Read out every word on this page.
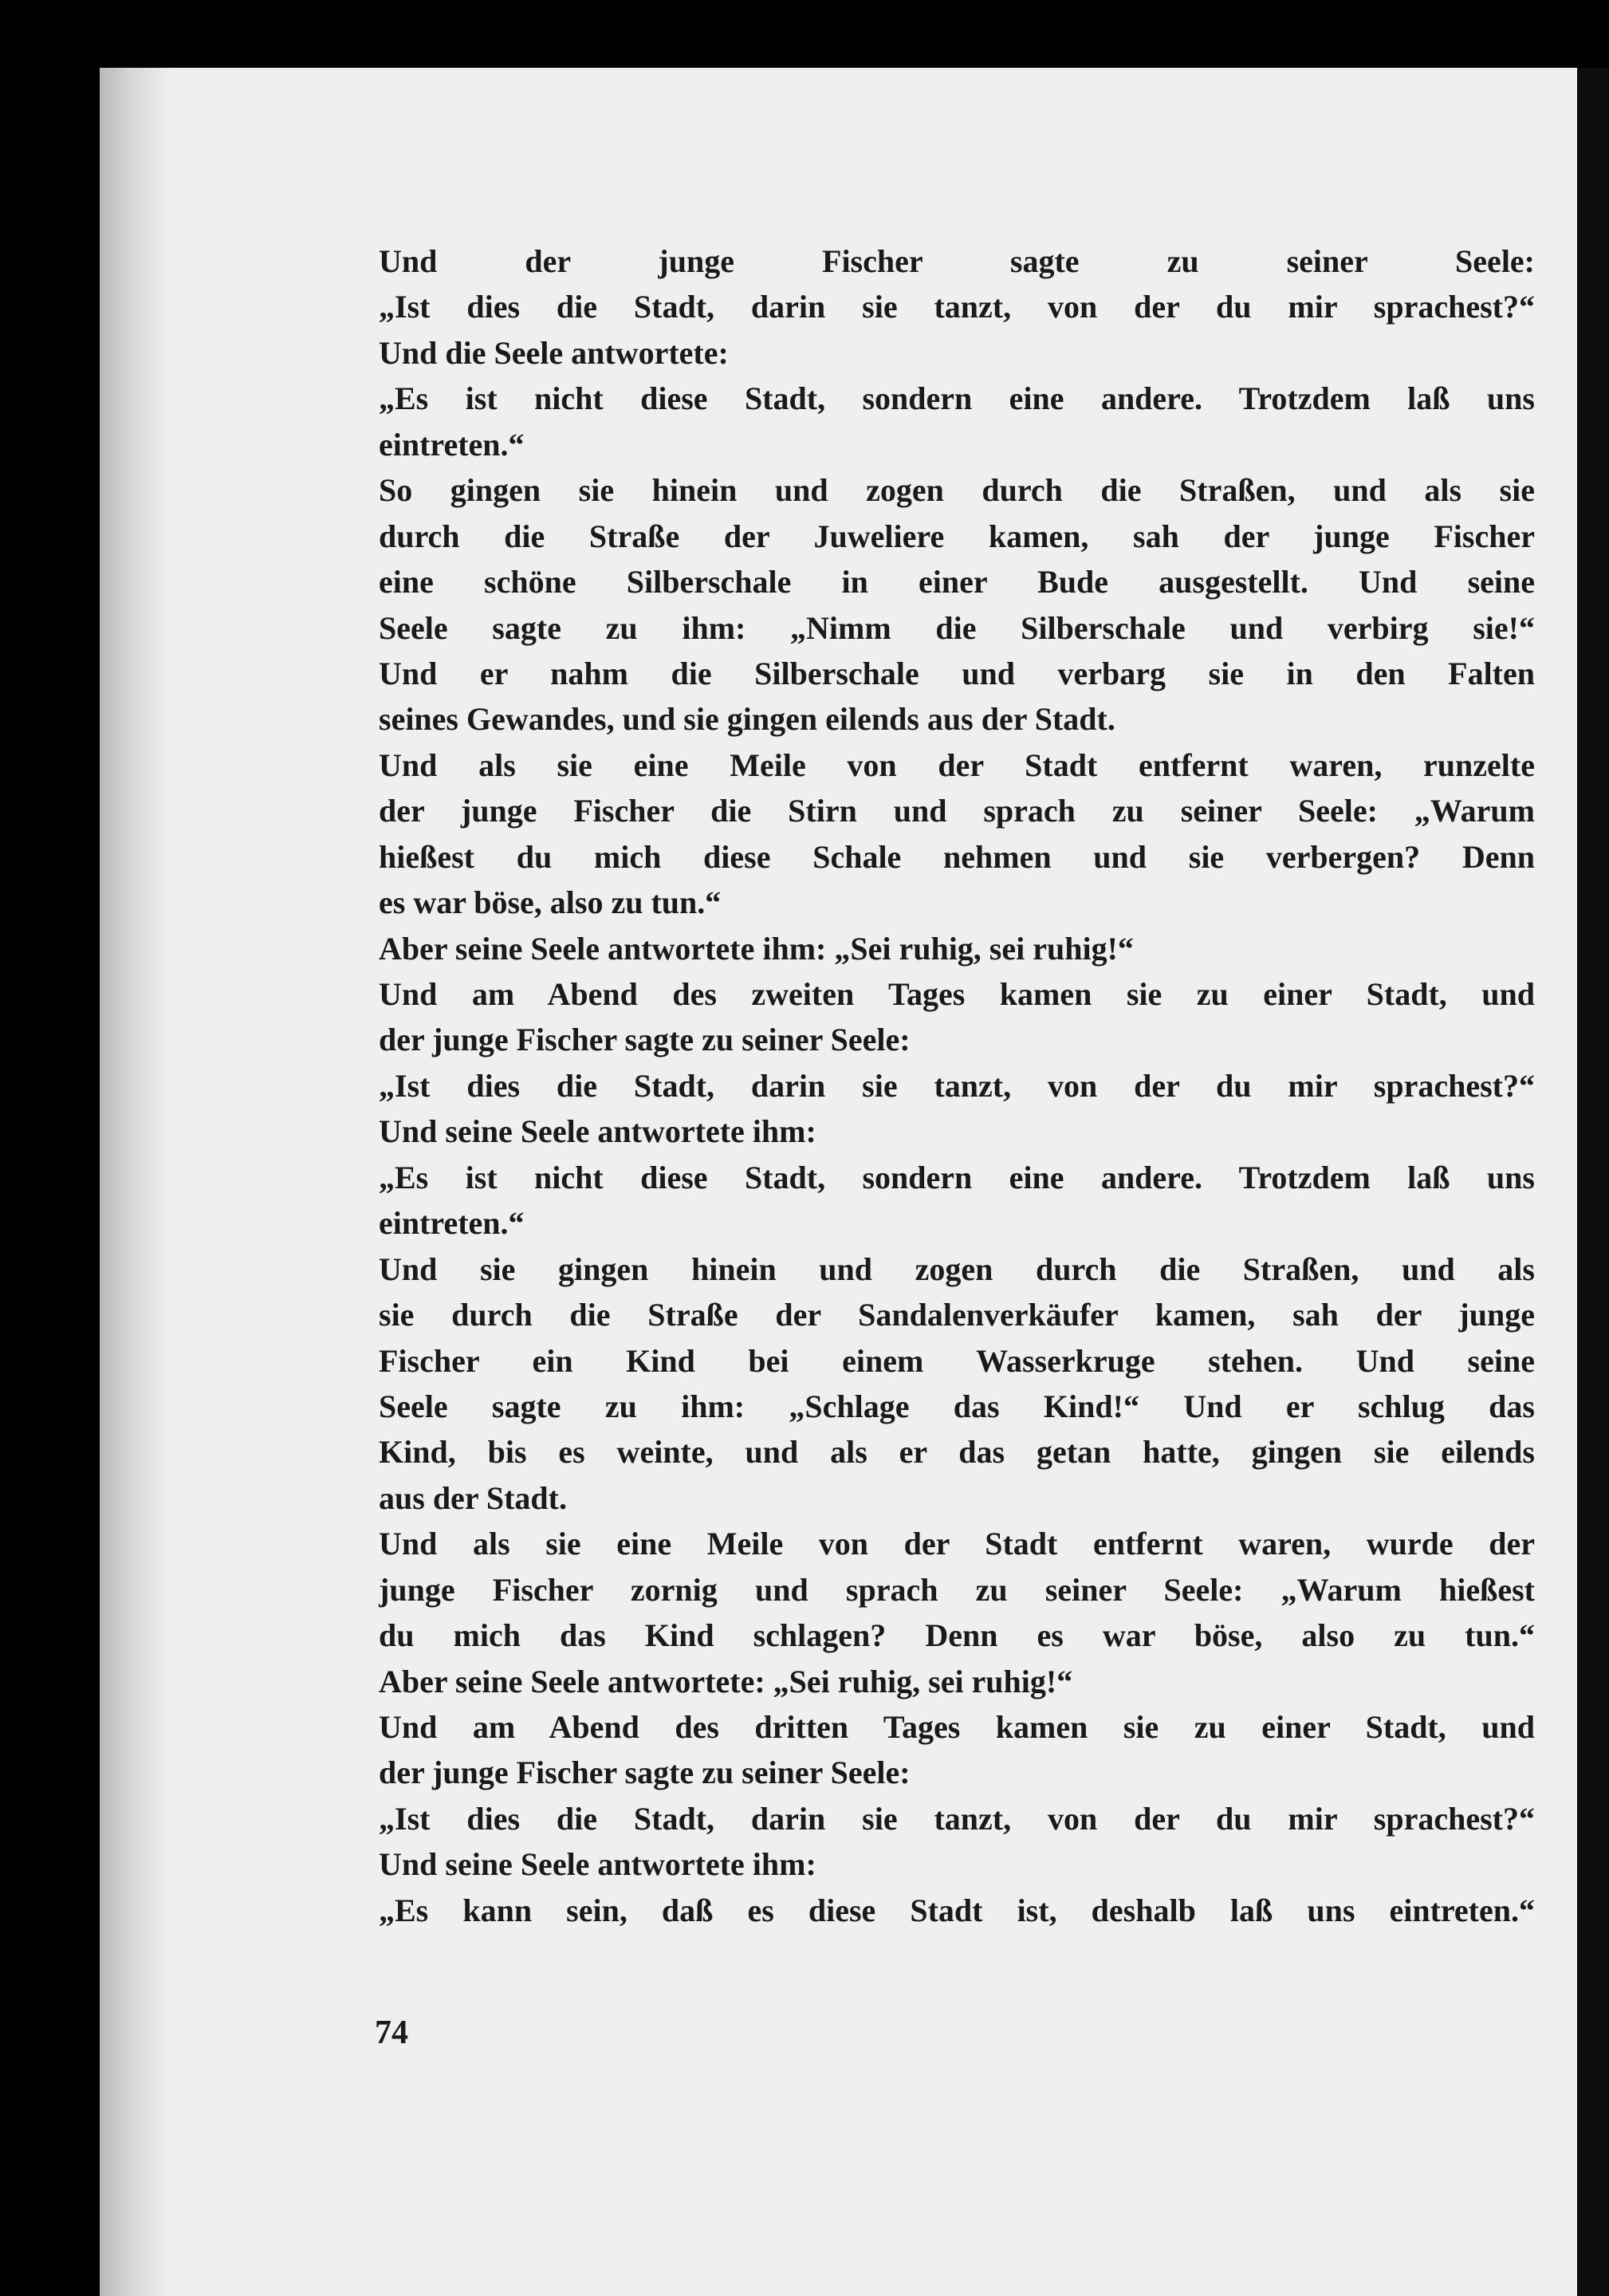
Und der junge Fischer sagte zu seiner Seele:
„Ist dies die Stadt, darin sie tanzt, von der du mir sprachest?“
Und die Seele antwortete:
„Es ist nicht diese Stadt, sondern eine andere. Trotzdem laß uns
eintreten.“
So gingen sie hinein und zogen durch die Straßen, und als sie
durch die Straße der Juweliere kamen, sah der junge Fischer
eine schöne Silberschale in einer Bude ausgestellt. Und seine
Seele sagte zu ihm: „Nimm die Silberschale und verbirg sie!“
Und er nahm die Silberschale und verbarg sie in den Falten
seines Gewandes, und sie gingen eilends aus der Stadt.
Und als sie eine Meile von der Stadt entfernt waren, runzelte
der junge Fischer die Stirn und sprach zu seiner Seele: „Warum
hießest du mich diese Schale nehmen und sie verbergen? Denn
es war böse, also zu tun.“
Aber seine Seele antwortete ihm: „Sei ruhig, sei ruhig!“
Und am Abend des zweiten Tages kamen sie zu einer Stadt, und
der junge Fischer sagte zu seiner Seele:
„Ist dies die Stadt, darin sie tanzt, von der du mir sprachest?“
Und seine Seele antwortete ihm:
„Es ist nicht diese Stadt, sondern eine andere. Trotzdem laß uns
eintreten.“
Und sie gingen hinein und zogen durch die Straßen, und als
sie durch die Straße der Sandalenverkäufer kamen, sah der junge
Fischer ein Kind bei einem Wasserkruge stehen. Und seine
Seele sagte zu ihm: „Schlage das Kind!“ Und er schlug das
Kind, bis es weinte, und als er das getan hatte, gingen sie eilends
aus der Stadt.
Und als sie eine Meile von der Stadt entfernt waren, wurde der
junge Fischer zornig und sprach zu seiner Seele: „Warum hießest
du mich das Kind schlagen? Denn es war böse, also zu tun.“
Aber seine Seele antwortete: „Sei ruhig, sei ruhig!“
Und am Abend des dritten Tages kamen sie zu einer Stadt, und
der junge Fischer sagte zu seiner Seele:
„Ist dies die Stadt, darin sie tanzt, von der du mir sprachest?“
Und seine Seele antwortete ihm:
„Es kann sein, daß es diese Stadt ist, deshalb laß uns eintreten.“
74
